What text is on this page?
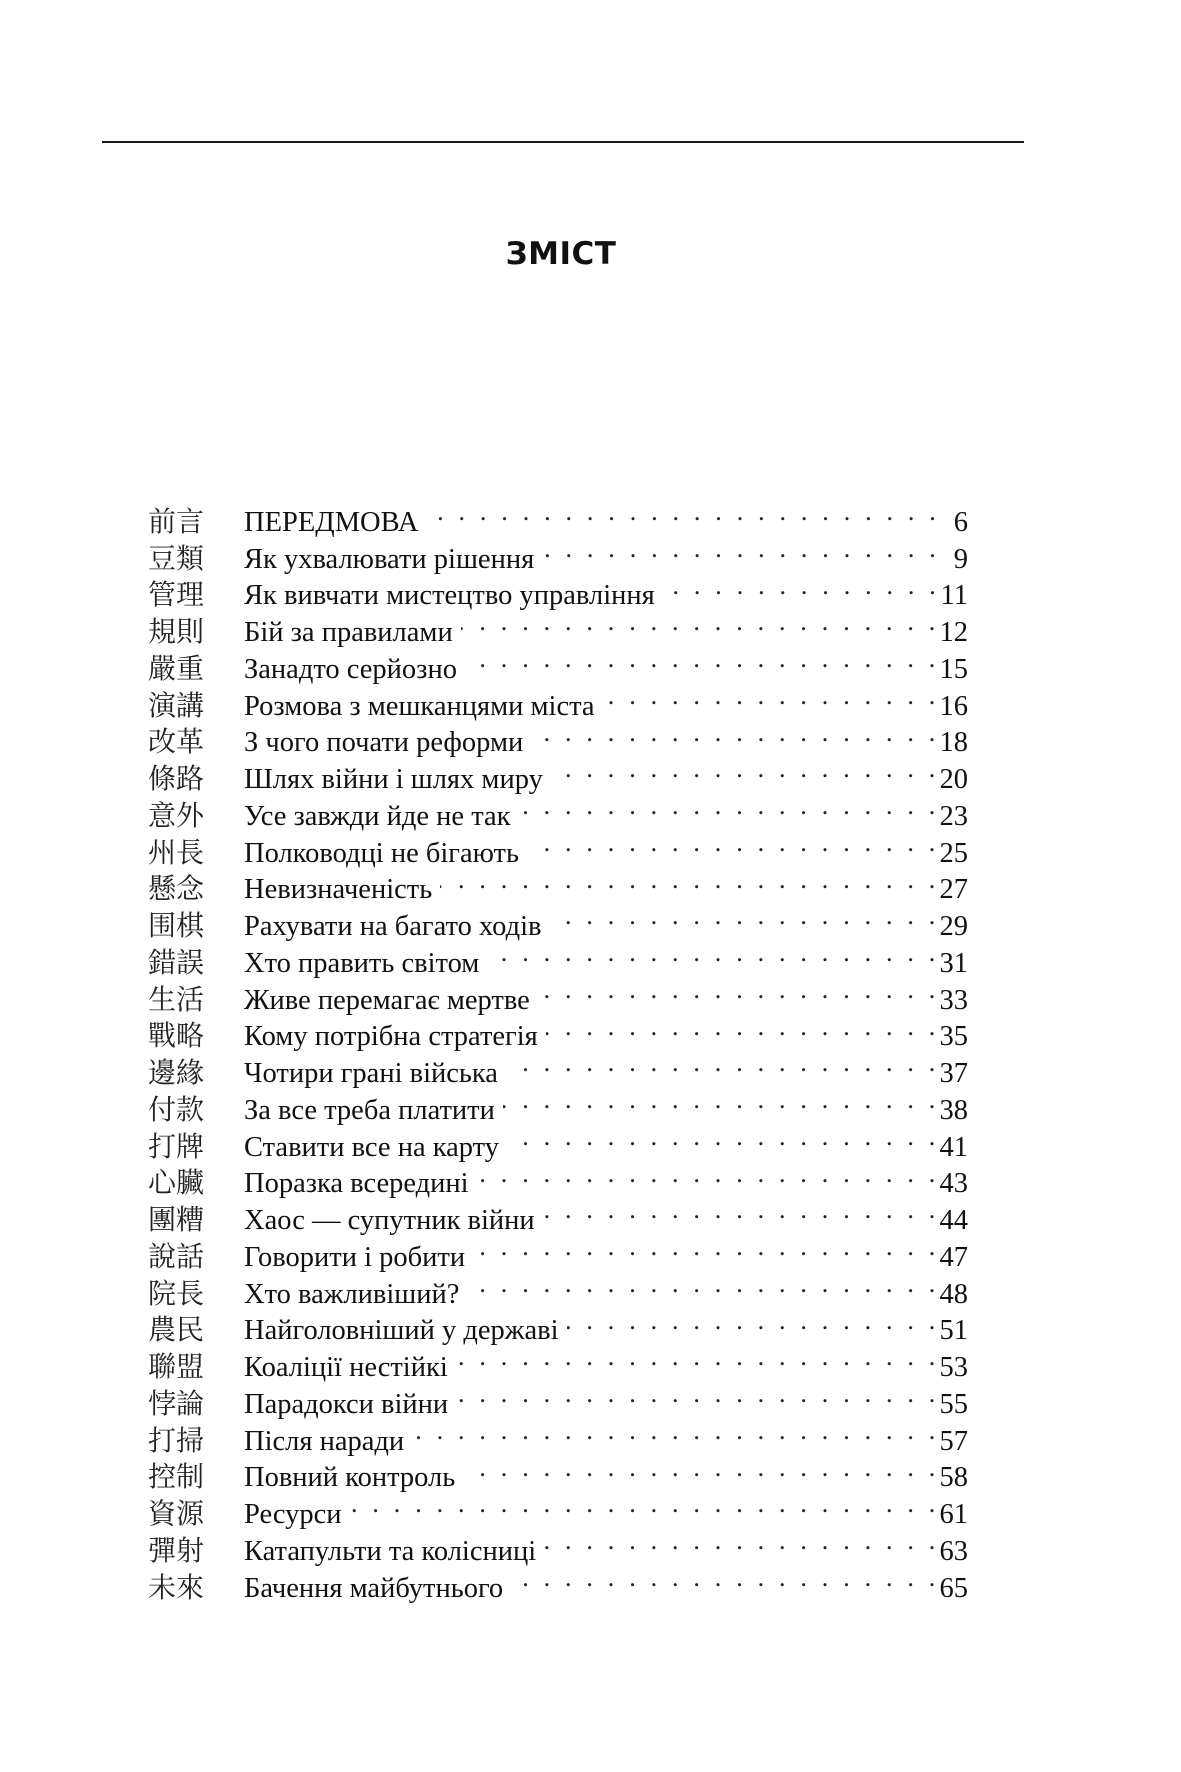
ЗМІСТ
前言	ПЕРЕДМОВА . . .	6
豆類	Як ухвалювати рішення . . .	9
管理	Як вивчати мистецтво управління . . .	11
規則	Бій за правилами . . .	12
嚴重	Занадто серйозно . . .	15
演講	Розмова з мешканцями міста . . .	16
改革	З чого почати реформи . . .	18
條路	Шлях війни і шлях миру . . .	20
意外	Усе завжди йде не так . . .	23
州長	Полководці не бігають . . .	25
懸念	Невизначеність . . .	27
围棋	Рахувати на багато ходів . . .	29
錯誤	Хто править світом . . .	31
生活	Живе перемагає мертве . . .	33
戰略	Кому потрібна стратегія . . .	35
邊緣	Чотири грані війська . . .	37
付款	За все треба платити . . .	38
打牌	Ставити все на карту . . .	41
心臟	Поразка всередині . . .	43
團糟	Хаос — супутник війни . . .	44
說話	Говорити і робити . . .	47
院長	Хто важливіший? . . .	48
農民	Найголовніший у державі . . .	51
聯盟	Коаліції нестійкі . . .	53
悖論	Парадокси війни . . .	55
打掃	Після наради . . .	57
控制	Повний контроль . . .	58
資源	Ресурси . . .	61
彈射	Катапульти та колісниці . . .	63
未來	Бачення майбутнього . . .	65
